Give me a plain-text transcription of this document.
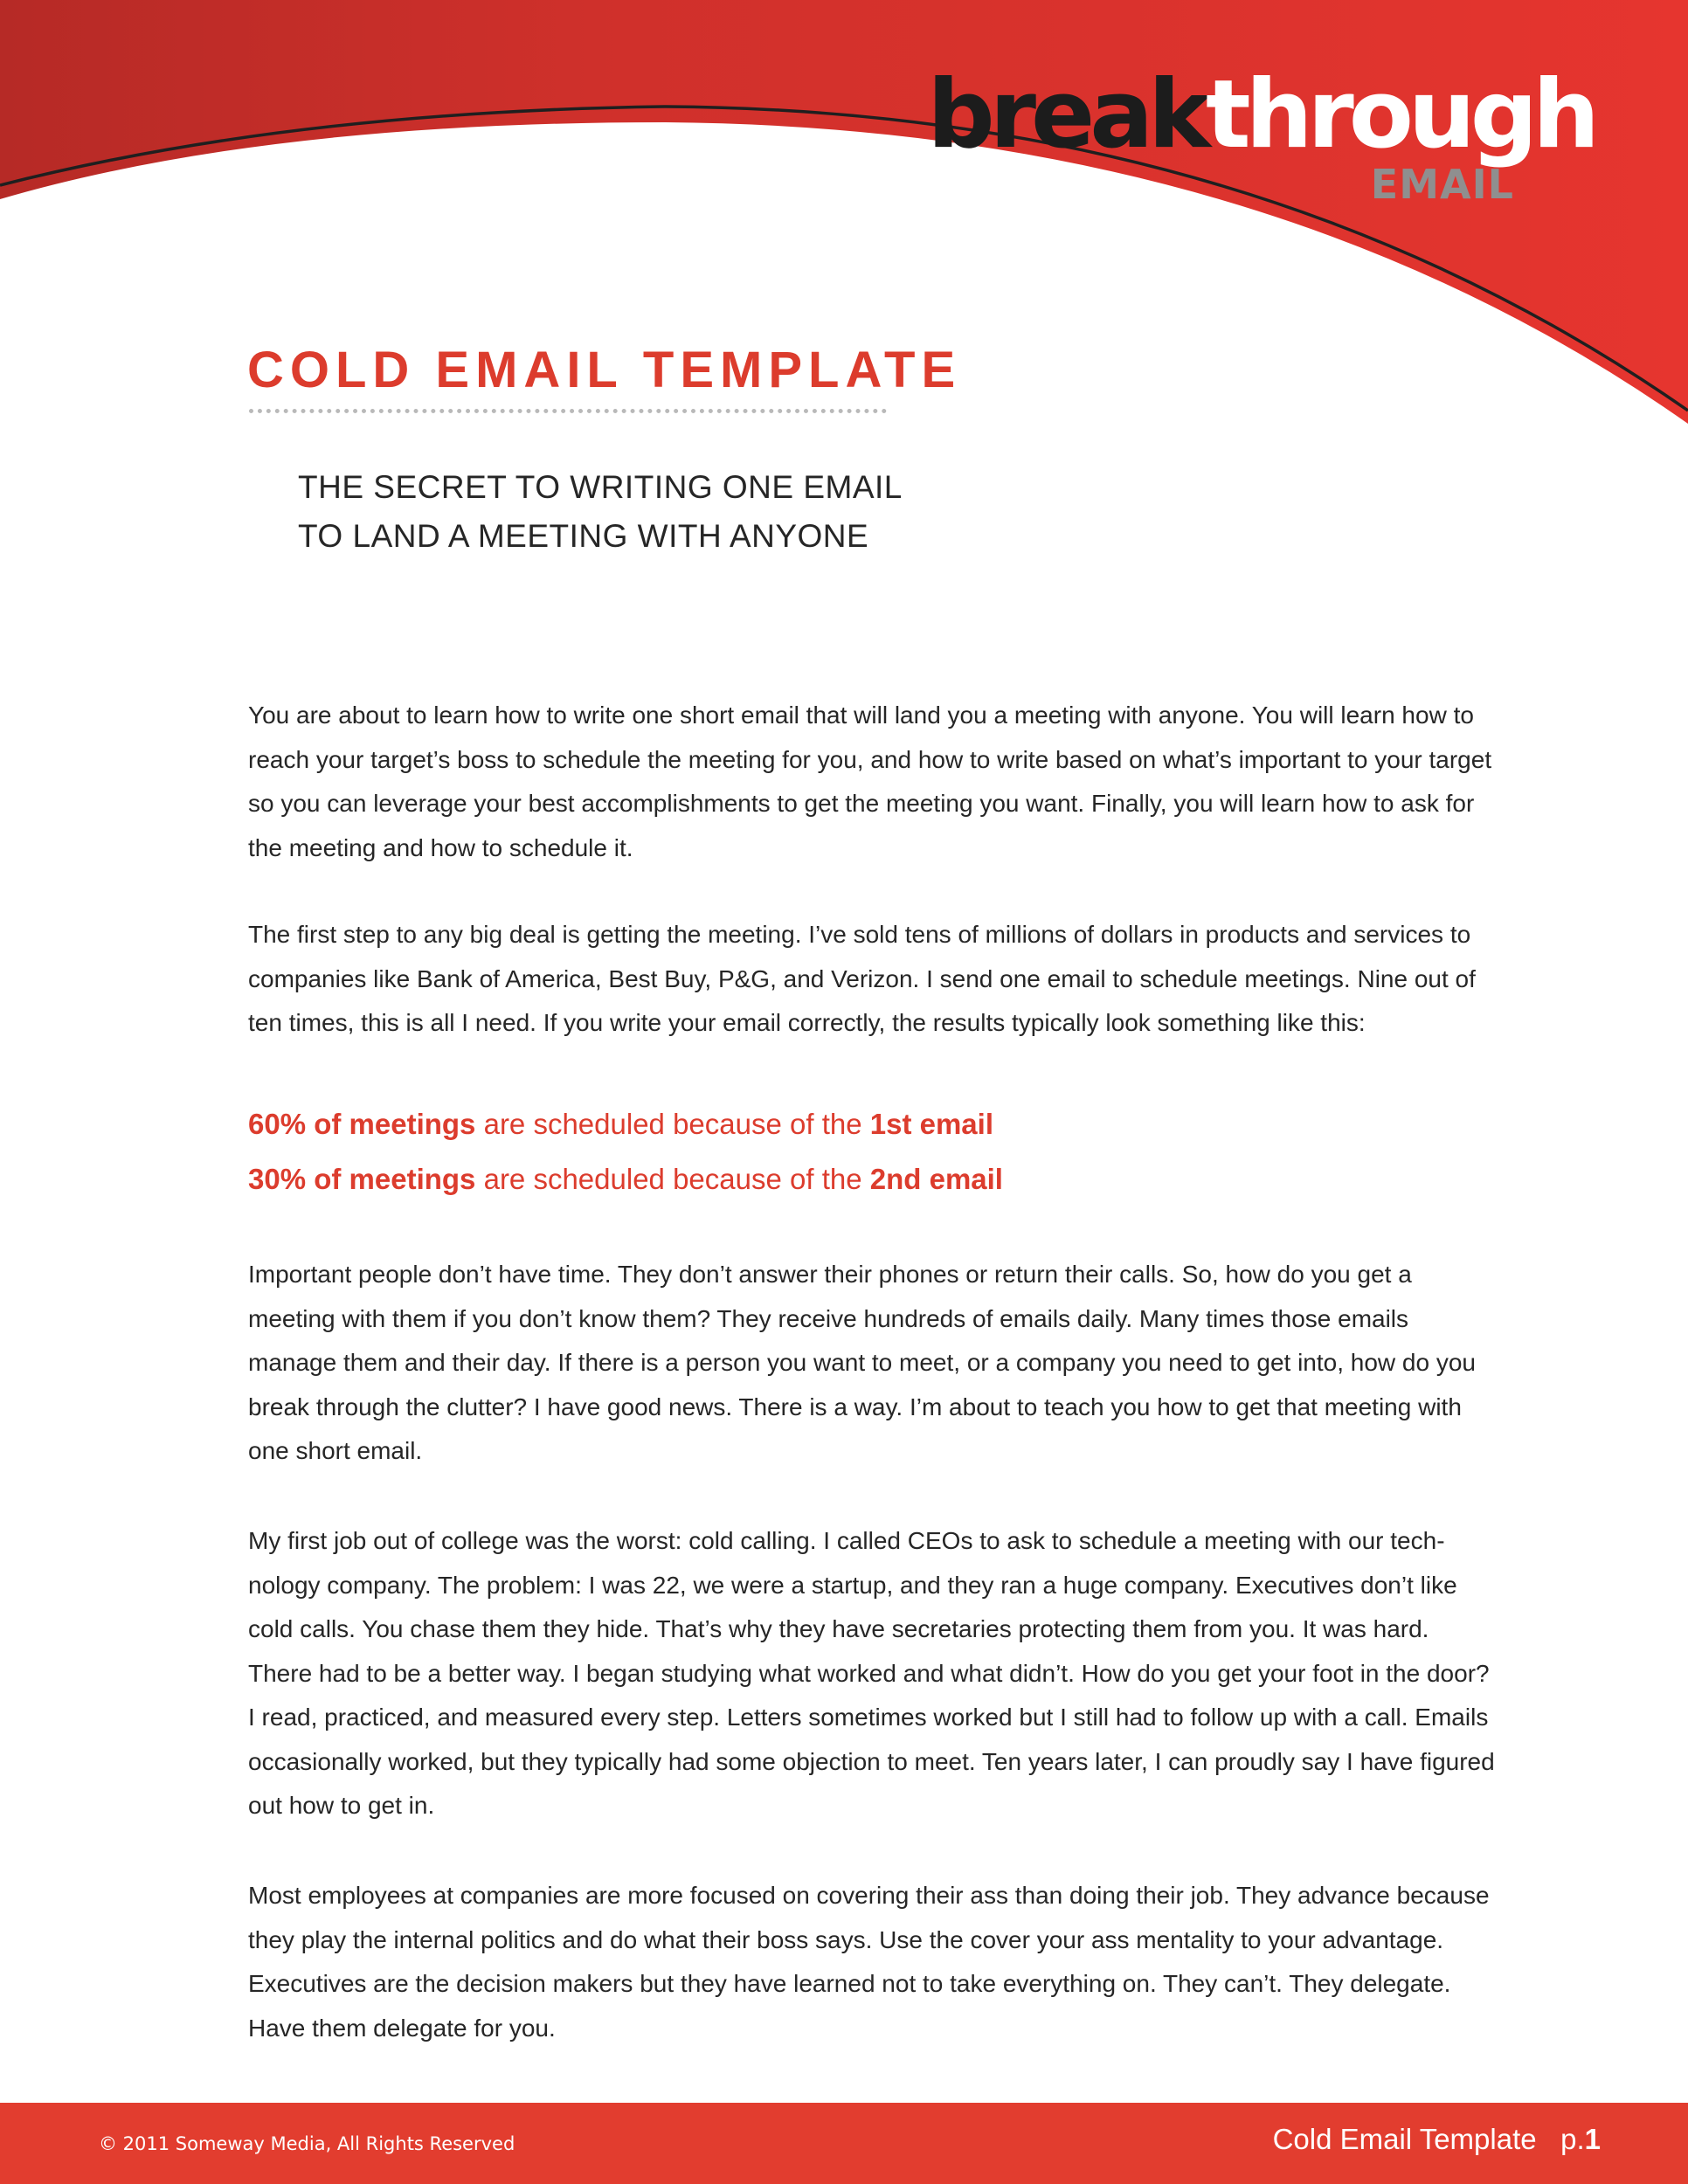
breakthrough
EMAIL
COLD EMAIL TEMPLATE
THE SECRET TO WRITING ONE EMAIL
TO LAND A MEETING WITH ANYONE

You are about to learn how to write one short email that will land you a meeting with anyone. You will learn how to reach your target’s boss to schedule the meeting for you, and how to write based on what’s important to your target so you can leverage your best accomplishments to get the meeting you want. Finally, you will learn how to ask for the meeting and how to schedule it.

The first step to any big deal is getting the meeting. I’ve sold tens of millions of dollars in products and services to companies like Bank of America, Best Buy, P&G, and Verizon. I send one email to schedule meetings. Nine out of ten times, this is all I need. If you write your email correctly, the results typically look something like this:

60% of meetings are scheduled because of the 1st email
30% of meetings are scheduled because of the 2nd email

Important people don’t have time. They don’t answer their phones or return their calls. So, how do you get a meeting with them if you don’t know them? They receive hundreds of emails daily. Many times those emails manage them and their day. If there is a person you want to meet, or a company you need to get into, how do you break through the clutter? I have good news. There is a way. I’m about to teach you how to get that meeting with one short email.

My first job out of college was the worst: cold calling. I called CEOs to ask to schedule a meeting with our tech-nology company. The problem: I was 22, we were a startup, and they ran a huge company. Executives don’t like cold calls. You chase them they hide. That’s why they have secretaries protecting them from you. It was hard. There had to be a better way. I began studying what worked and what didn’t. How do you get your foot in the door? I read, practiced, and measured every step. Letters sometimes worked but I still had to follow up with a call. Emails occasionally worked, but they typically had some objection to meet. Ten years later, I can proudly say I have figured out how to get in.

Most employees at companies are more focused on covering their ass than doing their job. They advance because they play the internal politics and do what their boss says. Use the cover your ass mentality to your advantage. Executives are the decision makers but they have learned not to take everything on. They can’t. They delegate. Have them delegate for you.

© 2011 Someway Media, All Rights Reserved	Cold Email Template p.1
